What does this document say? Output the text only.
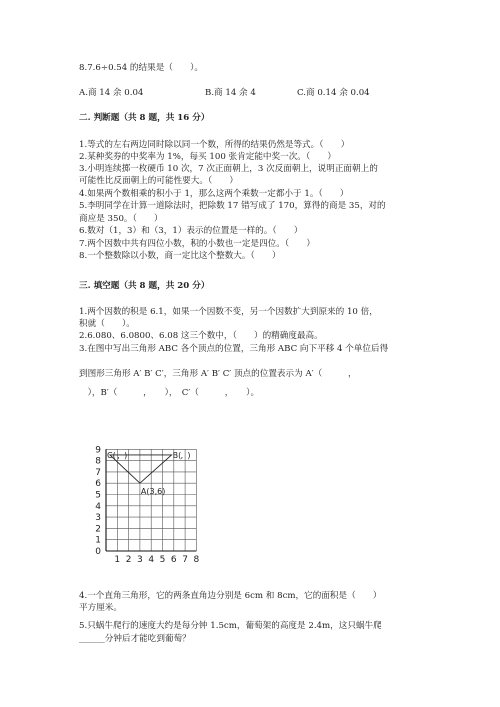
8.7.6÷0.54 的结果是（　　）。
A.商 14 余 0.04	B.商 14 余 4	C.商 0.14 余 0.04
二. 判断题（共 8 题，共 16 分）
1.等式的左右两边同时除以同一个数，所得的结果仍然是等式。（　　）
2.某种奖券的中奖率为 1%，每买 100 张肯定能中奖一次。（　　）
3.小明连续掷一枚硬币 10 次，7 次正面朝上，3 次反面朝上，说明正面朝上的
可能性比反面朝上的可能性要大。（　　）
4.如果两个数相乘的积小于 1，那么这两个乘数一定都小于 1。（　　）
5.李明同学在计算一道除法时，把除数 17 错写成了 170，算得的商是 35，对的
商应是 350。（　　）
6.数对（1，3）和（3，1）表示的位置是一样的。（　　）
7.两个因数中共有四位小数，积的小数也一定是四位。（　　）
8.一个整数除以小数，商一定比这个整数大。（　　）
三. 填空题（共 8 题，共 20 分）
1.两个因数的积是 6.1，如果一个因数不变，另一个因数扩大到原来的 10 倍，
积就（　　）。
2.6.080、6.0800、6.08 这三个数中，（　　）的精确度最高。
3.在图中写出三角形 ABC 各个顶点的位置，三角形 ABC 向下平移 4 个单位后得
到图形三角形 A′ B′ C′，三角形 A′ B′ C′ 顶点的位置表示为 A′（　　　，
　），B′（　　　，　　），　C′（　　　，　　）。
1 2 3 4 5 6 7 8
0
1
2
3
4
5
6
7
8
9
A(3,6)
C( , )	B( , )
4.一个直角三角形，它的两条直角边分别是 6cm 和 8cm，它的面积是（　　）
平方厘米。
5.只蜗牛爬行的速度大约是每分钟 1.5cm，葡萄架的高度是 2.4m，这只蜗牛爬
______分钟后才能吃到葡萄？
